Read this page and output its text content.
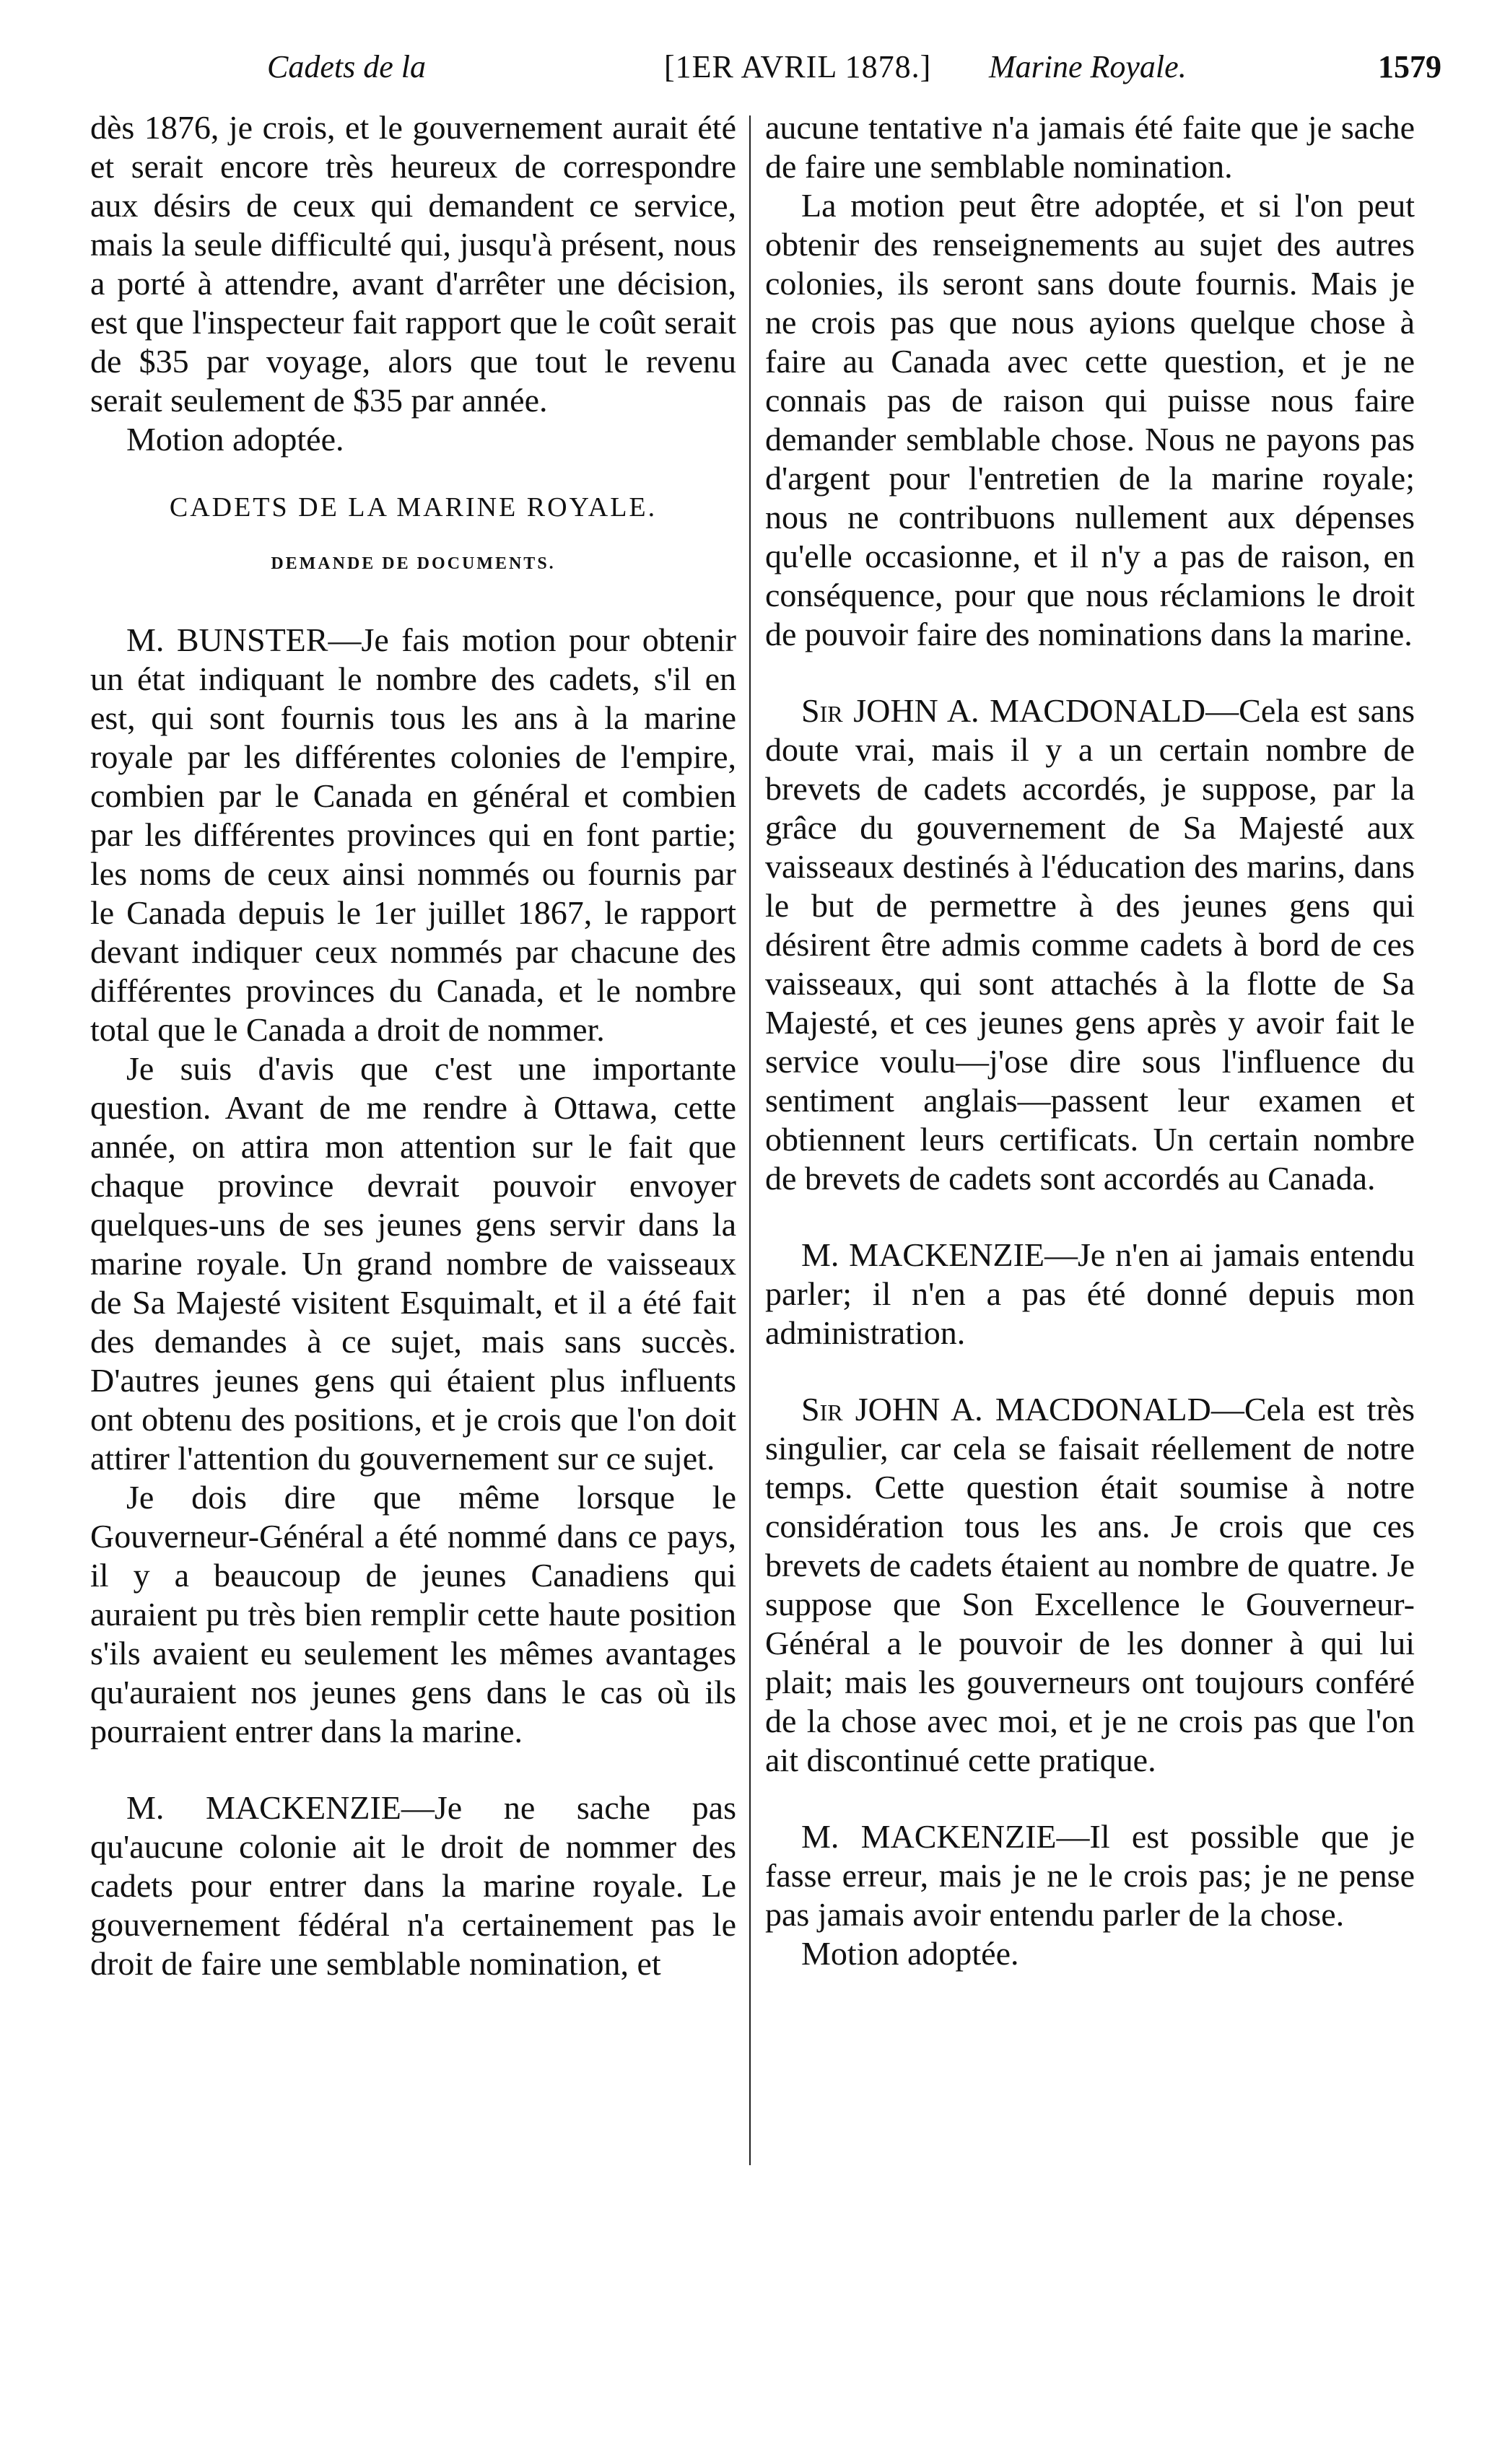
Cadets de la	[1ER AVRIL 1878.] Marine Royale.	1579

dès 1876, je crois, et le gouvernement aurait été et serait encore très heureux de correspondre aux désirs de ceux qui demandent ce service, mais la seule difficulté qui, jusqu'à présent, nous a porté à attendre, avant d'arrêter une décision, est que l'inspecteur fait rapport que le coût serait de $35 par voyage, alors que tout le revenu serait seulement de $35 par année.

Motion adoptée.

CADETS DE LA MARINE ROYALE.
DEMANDE DE DOCUMENTS.

M. BUNSTER—Je fais motion pour obtenir un état indiquant le nombre des cadets, s'il en est, qui sont fournis tous les ans à la marine royale par les différentes colonies de l'empire, combien par le Canada en général et combien par les différentes provinces qui en font partie; les noms de ceux ainsi nommés ou fournis par le Canada depuis le 1er juillet 1867, le rapport devant indiquer ceux nommés par chacune des différentes provinces du Canada, et le nombre total que le Canada a droit de nommer.

Je suis d'avis que c'est une importante question. Avant de me rendre à Ottawa, cette année, on attira mon attention sur le fait que chaque province devrait pouvoir envoyer quelques-uns de ses jeunes gens servir dans la marine royale. Un grand nombre de vaisseaux de Sa Majesté visitent Esquimalt, et il a été fait des demandes à ce sujet, mais sans succès. D'autres jeunes gens qui étaient plus influents ont obtenu des positions, et je crois que l'on doit attirer l'attention du gouvernement sur ce sujet.

Je dois dire que même lorsque le Gouverneur-Général a été nommé dans ce pays, il y a beaucoup de jeunes Canadiens qui auraient pu très bien remplir cette haute position s'ils avaient eu seulement les mêmes avantages qu'auraient nos jeunes gens dans le cas où ils pourraient entrer dans la marine.

M. MACKENZIE—Je ne sache pas qu'aucune colonie ait le droit de nommer des cadets pour entrer dans la marine royale. Le gouvernement fédéral n'a certainement pas le droit de faire une semblable nomination, et

aucune tentative n'a jamais été faite que je sache de faire une semblable nomination.

La motion peut être adoptée, et si l'on peut obtenir des renseignements au sujet des autres colonies, ils seront sans doute fournis. Mais je ne crois pas que nous ayions quelque chose à faire au Canada avec cette question, et je ne connais pas de raison qui puisse nous faire demander semblable chose. Nous ne payons pas d'argent pour l'entretien de la marine royale; nous ne contribuons nullement aux dépenses qu'elle occasionne, et il n'y a pas de raison, en conséquence, pour que nous réclamions le droit de pouvoir faire des nominations dans la marine.

Sir JOHN A. MACDONALD—Cela est sans doute vrai, mais il y a un certain nombre de brevets de cadets accordés, je suppose, par la grâce du gouvernement de Sa Majesté aux vaisseaux destinés à l'éducation des marins, dans le but de permettre à des jeunes gens qui désirent être admis comme cadets à bord de ces vaisseaux, qui sont attachés à la flotte de Sa Majesté, et ces jeunes gens après y avoir fait le service voulu—j'ose dire sous l'influence du sentiment anglais—passent leur examen et obtiennent leurs certificats. Un certain nombre de brevets de cadets sont accordés au Canada.

M. MACKENZIE—Je n'en ai jamais entendu parler; il n'en a pas été donné depuis mon administration.

Sir JOHN A. MACDONALD—Cela est très singulier, car cela se faisait réellement de notre temps. Cette question était soumise à notre considération tous les ans. Je crois que ces brevets de cadets étaient au nombre de quatre. Je suppose que Son Excellence le Gouverneur-Général a le pouvoir de les donner à qui lui plait; mais les gouverneurs ont toujours conféré de la chose avec moi, et je ne crois pas que l'on ait discontinué cette pratique.

M. MACKENZIE—Il est possible que je fasse erreur, mais je ne le crois pas; je ne pense pas jamais avoir entendu parler de la chose.

Motion adoptée.
